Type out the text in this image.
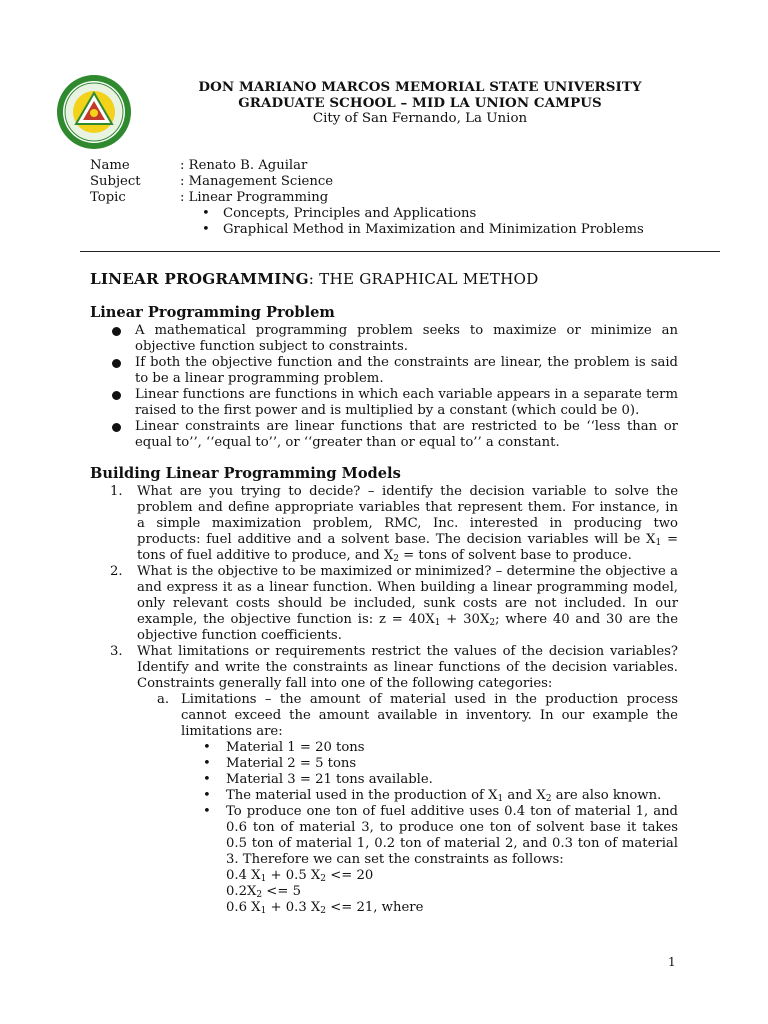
DON MARIANO MARCOS MEMORIAL STATE UNIVERSITY
GRADUATE SCHOOL – MID LA UNION CAMPUS
City of San Fernando, La Union
Name	: Renato B. Aguilar
Subject	: Management Science
Topic	: Linear Programming
• Concepts, Principles and Applications
• Graphical Method in Maximization and Minimization Problems
LINEAR PROGRAMMING: THE GRAPHICAL METHOD
Linear Programming Problem
A mathematical programming problem seeks to maximize or minimize an objective function subject to constraints.
If both the objective function and the constraints are linear, the problem is said to be a linear programming problem.
Linear functions are functions in which each variable appears in a separate term raised to the first power and is multiplied by a constant (which could be 0).
Linear constraints are linear functions that are restricted to be ‘‘less than or equal to’’, ‘‘equal to’’, or ‘‘greater than or equal to’’ a constant.
Building Linear Programming Models
1. What are you trying to decide? – identify the decision variable to solve the problem and define appropriate variables that represent them. For instance, in a simple maximization problem, RMC, Inc. interested in producing two products: fuel additive and a solvent base. The decision variables will be $X_1$ = tons of fuel additive to produce, and $X_2$ = tons of solvent base to produce.
2. What is the objective to be maximized or minimized? – determine the objective a and express it as a linear function. When building a linear programming model, only relevant costs should be included, sunk costs are not included. In our example, the objective function is: $z = 40X_1 + 30X_2$; where 40 and 30 are the objective function coefficients.
3. What limitations or requirements restrict the values of the decision variables? Identify and write the constraints as linear functions of the decision variables. Constraints generally fall into one of the following categories:
a. Limitations – the amount of material used in the production process cannot exceed the amount available in inventory. In our example the limitations are:
• Material 1 = 20 tons
• Material 2 = 5 tons
• Material 3 = 21 tons available.
• The material used in the production of $X_1$ and $X_2$ are also known.
• To produce one ton of fuel additive uses 0.4 ton of material 1, and 0.6 ton of material 3, to produce one ton of solvent base it takes 0.5 ton of material 1, 0.2 ton of material 2, and 0.3 ton of material 3. Therefore we can set the constraints as follows:
0.4 $X_1 + 0.5$ $X_2 <= 20$
$0.2X_2 <= 5$
0.6 $X_1 + 0.3$ $X_2 <= 21$, where
1
